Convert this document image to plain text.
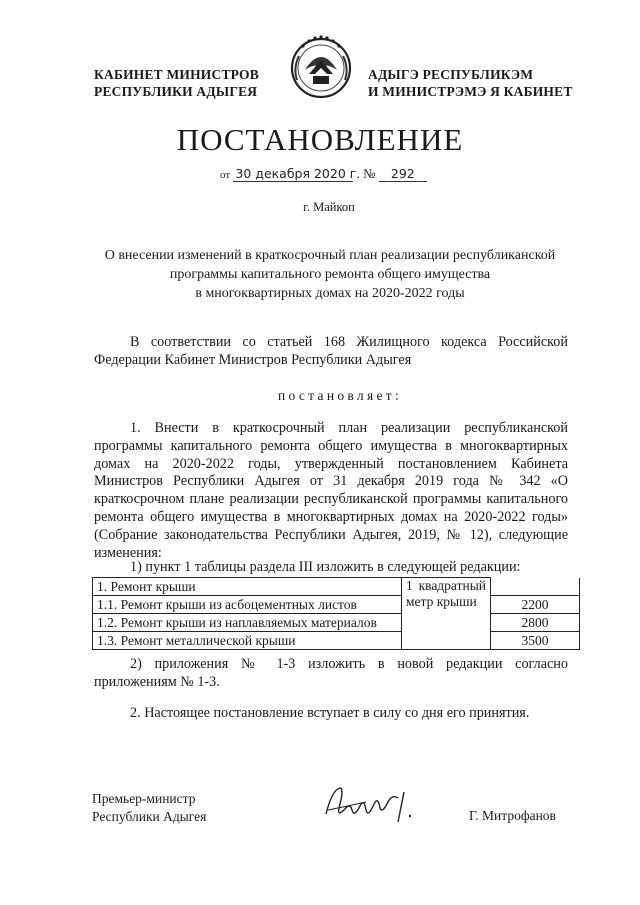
КАБИНЕТ МИНИСТРОВ
РЕСПУБЛИКИ АДЫГЕЯ
АДЫГЭ РЕСПУБЛИКЭМ
И МИНИСТРЭМЭ Я КАБИНЕТ
ПОСТАНОВЛЕНИЕ
от 30 декабря 2020 г. № 292
г. Майкоп
О внесении изменений в краткосрочный план реализации республиканской
программы капитального ремонта общего имущества
в многоквартирных домах на 2020-2022 годы
В соответствии со статьей 168 Жилищного кодекса Российской Федерации Кабинет Министров Республики Адыгея
постановляет:
1. Внести в краткосрочный план реализации республиканской программы капитального ремонта общего имущества в многоквартирных домах на 2020-2022 годы, утвержденный постановлением Кабинета Министров Республики Адыгея от 31 декабря 2019 года № 342 «О краткосрочном плане реализации республиканской программы капитального ремонта общего имущества в многоквартирных домах на 2020-2022 годы» (Собрание законодательства Республики Адыгея, 2019, № 12), следующие изменения:
1) пункт 1 таблицы раздела III изложить в следующей редакции:
1. Ремонт крыши	1 квадратный метр крыши	
1.1. Ремонт крыши из асбоцементных листов		2200
1.2. Ремонт крыши из наплавляемых материалов		2800
1.3. Ремонт металлической крыши		3500
2) приложения № 1-3 изложить в новой редакции согласно приложениям № 1-3.
2. Настоящее постановление вступает в силу со дня его принятия.
Премьер-министр
Республики Адыгея	Г. Митрофанов
